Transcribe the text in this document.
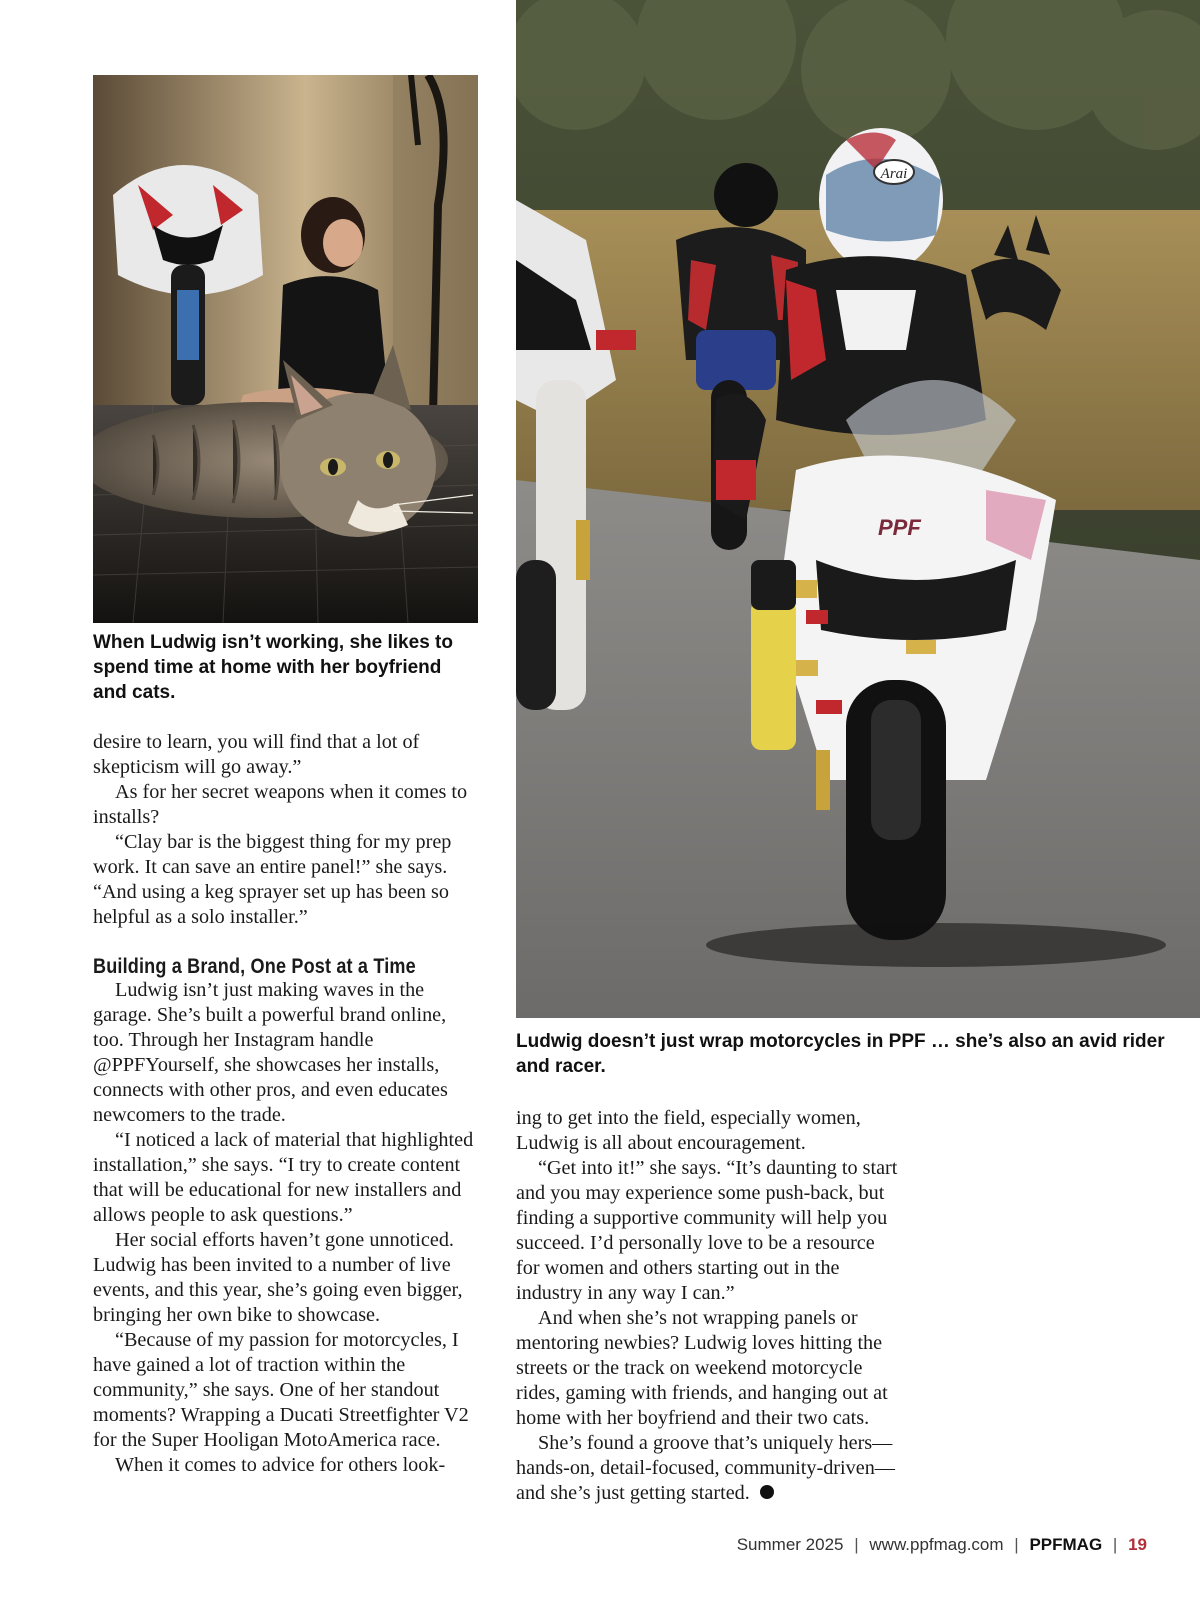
When Ludwig isn’t working, she likes to spend time at home with her boyfriend and cats.

Arai
PPF

Ludwig doesn’t just wrap motorcycles in PPF … she’s also an avid rider and racer.

desire to learn, you will find that a lot of skepticism will go away.”

As for her secret weapons when it comes to installs?

“Clay bar is the biggest thing for my prep work. It can save an entire panel!” she says. “And using a keg sprayer set up has been so helpful as a solo installer.”

Building a Brand, One Post at a Time

Ludwig isn’t just making waves in the garage. She’s built a powerful brand online, too. Through her Instagram handle @PPFYourself, she showcases her installs, connects with other pros, and even educates newcomers to the trade.

“I noticed a lack of material that highlighted installation,” she says. “I try to create content that will be educational for new installers and allows people to ask questions.”

Her social efforts haven’t gone unnoticed. Ludwig has been invited to a number of live events, and this year, she’s going even bigger, bringing her own bike to showcase.

“Because of my passion for motorcycles, I have gained a lot of traction within the community,” she says. One of her standout moments? Wrapping a Ducati Streetfighter V2 for the Super Hooligan MotoAmerica race.

When it comes to advice for others look-

ing to get into the field, especially women, Ludwig is all about encouragement.

“Get into it!” she says. “It’s daunting to start and you may experience some push-back, but finding a supportive community will help you succeed. I’d personally love to be a resource for women and others starting out in the industry in any way I can.”

And when she’s not wrapping panels or mentoring newbies? Ludwig loves hitting the streets or the track on weekend motorcycle rides, gaming with friends, and hanging out at home with her boyfriend and their two cats.

She’s found a groove that’s uniquely hers—hands-on, detail-focused, community-driven—and she’s just getting started.

Summer 2025 | www.ppfmag.com | PPFMAG | 19
